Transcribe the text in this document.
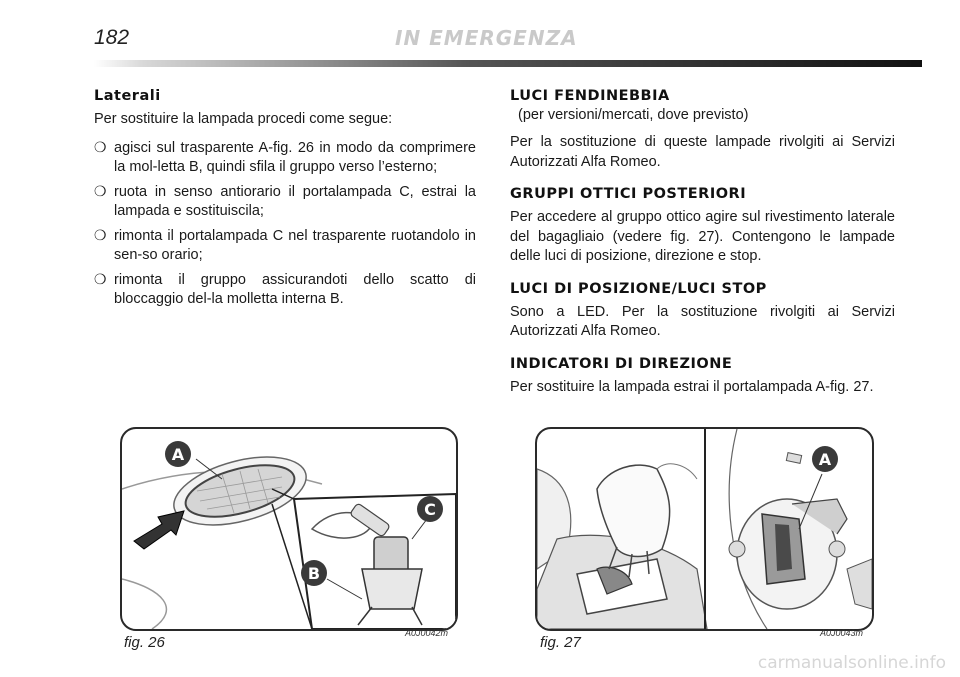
182	IN EMERGENZA
Laterali

Per sostituire la lampada procedi come segue:

❍ agisci sul trasparente A-fig. 26 in modo da comprimere la mol-letta B, quindi sfila il gruppo verso l’esterno;
❍ ruota in senso antiorario il portalampada C, estrai la lampada e sostituiscila;
❍ rimonta il portalampada C nel trasparente ruotandolo in sen-so orario;
❍ rimonta il gruppo assicurandoti dello scatto di bloccaggio del-la molletta interna B.
LUCI FENDINEBBIA

(per versioni/mercati, dove previsto)

Per la sostituzione di queste lampade rivolgiti ai Servizi Autorizzati Alfa Romeo.

GRUPPI OTTICI POSTERIORI

Per accedere al gruppo ottico agire sul rivestimento laterale del bagagliaio (vedere fig. 27). Contengono le lampade delle luci di posizione, direzione e stop.

LUCI DI POSIZIONE/LUCI STOP

Sono a LED. Per la sostituzione rivolgiti ai Servizi Autorizzati Alfa Romeo.

INDICATORI DI DIREZIONE

Per sostituire la lampada estrai il portalampada A-fig. 27.

A
B
C
fig. 26
A0J0042m
A
fig. 27
A0J0043m
carmanualsonline.info
